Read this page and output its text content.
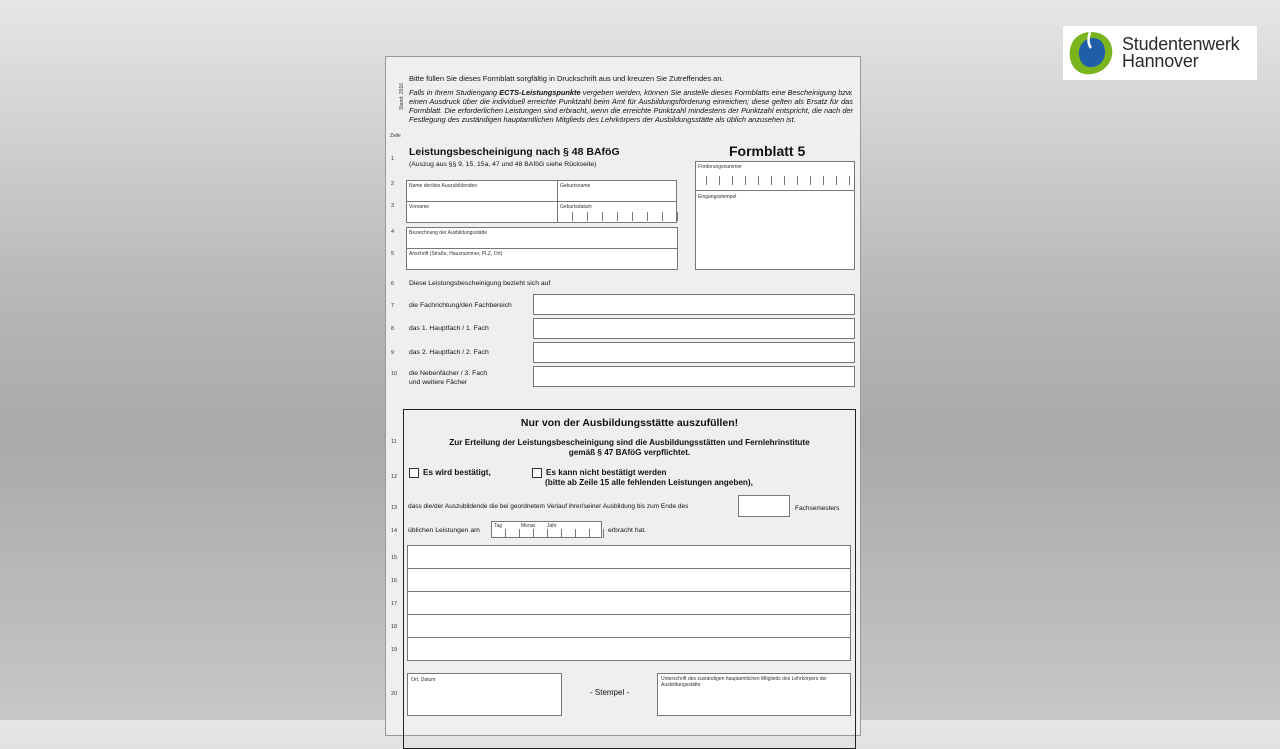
Studentenwerk
Hannover
Stand: 2016
Bitte füllen Sie dieses Formblatt sorgfältig in Druckschrift aus und kreuzen Sie Zutreffendes an.
Falls in Ihrem Studiengang ECTS-Leistungspunkte vergeben werden, können Sie anstelle dieses Formblatts eine Bescheinigung bzw. einen Ausdruck über die individuell erreichte Punktzahl beim Amt für Ausbildungsförderung einreichen; diese gelten als Ersatz für das Formblatt. Die erforderlichen Leistungen sind erbracht, wenn die erreichte Punktzahl mindestens der Punktzahl entspricht, die nach der Festlegung des zuständigen hauptamtlichen Mitglieds des Lehrkörpers der Ausbildungsstätte als üblich anzusehen ist.
Zeile
1
2
3
4
5
6
7
8
9
10
11
12
13
14
15
16
17
18
19
20
Leistungsbescheinigung nach § 48 BAföG
(Auszug aus §§ 9, 15, 15a, 47 und 48 BAföG siehe Rückseite)
Formblatt 5
Förderungsnummer
Eingangsstempel
Name der/des Auszubildenden	Geburtsname
Vorname	Geburtsdatum
Bezeichnung der Ausbildungsstätte
Anschrift (Straße, Hausnummer, PLZ, Ort)
Diese Leistungsbescheinigung bezieht sich auf
die Fachrichtung/den Fachbereich
das 1. Hauptfach / 1. Fach
das 2. Hauptfach / 2. Fach
die Nebenfächer / 3. Fach
und weitere Fächer
Nur von der Ausbildungsstätte auszufüllen!
Zur Erteilung der Leistungsbescheinigung sind die Ausbildungsstätten und Fernlehrinstitute
gemäß § 47 BAföG verpflichtet.
Es wird bestätigt,	Es kann nicht bestätigt werden
(bitte ab Zeile 15 alle fehlenden Leistungen angeben),
dass die/der Auszubildende die bei geordnetem Verlauf ihrer/seiner Ausbildung bis zum Ende des	Fachsemesters
üblichen Leistungen am
Tag	Monat Jahr
erbracht hat.
Ort, Datum
- Stempel -
Unterschrift des zuständigen hauptamtlichen Mitglieds des Lehrkörpers der Ausbildungsstätte
